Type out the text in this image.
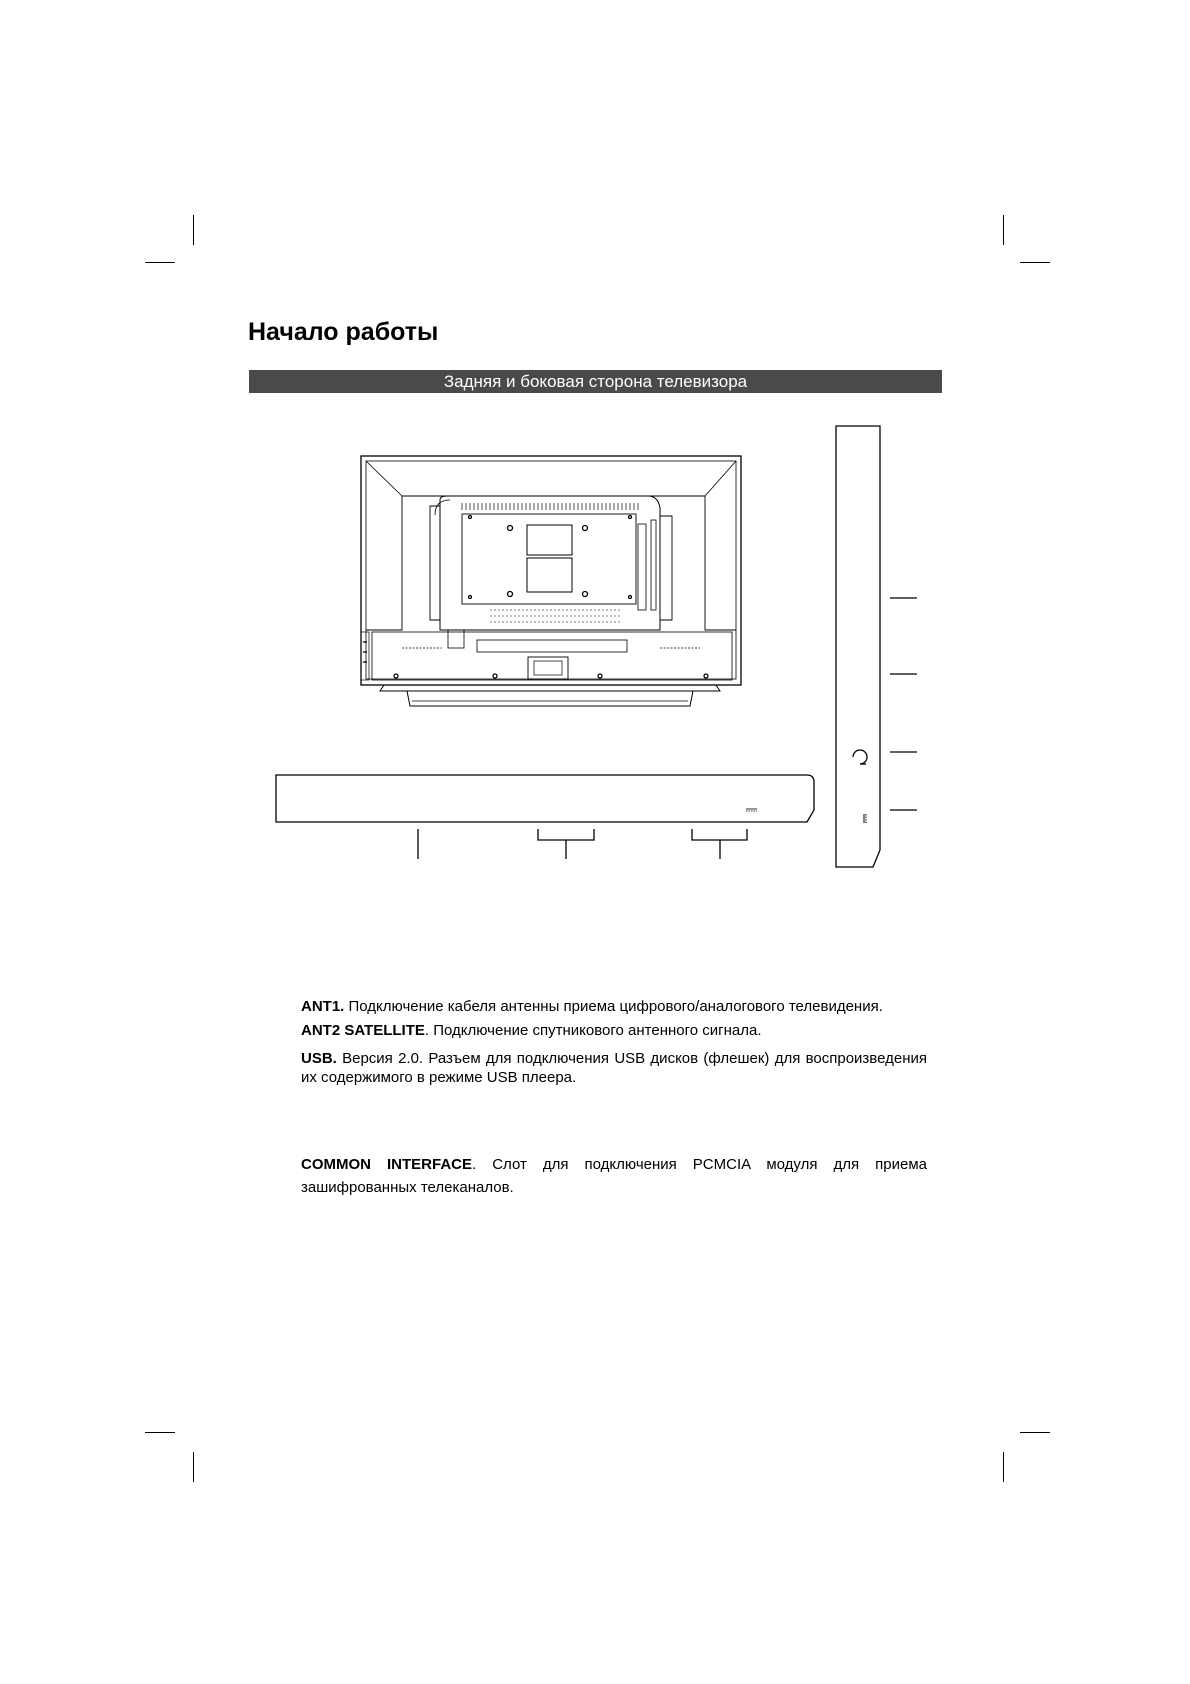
Начало работы
Задняя и боковая сторона телевизора

ANT1. Подключение кабеля антенны приема цифрового/аналогового телевидения.

ANT2 SATELLITE. Подключение спутникового антенного сигнала.

USB. Версия 2.0. Разъем для подключения USB дисков (флешек) для воспроизведения их содержимого в режиме USB плеера.

COMMON INTERFACE. Слот для подключения PCMCIA модуля для приема зашифрованных телеканалов.
